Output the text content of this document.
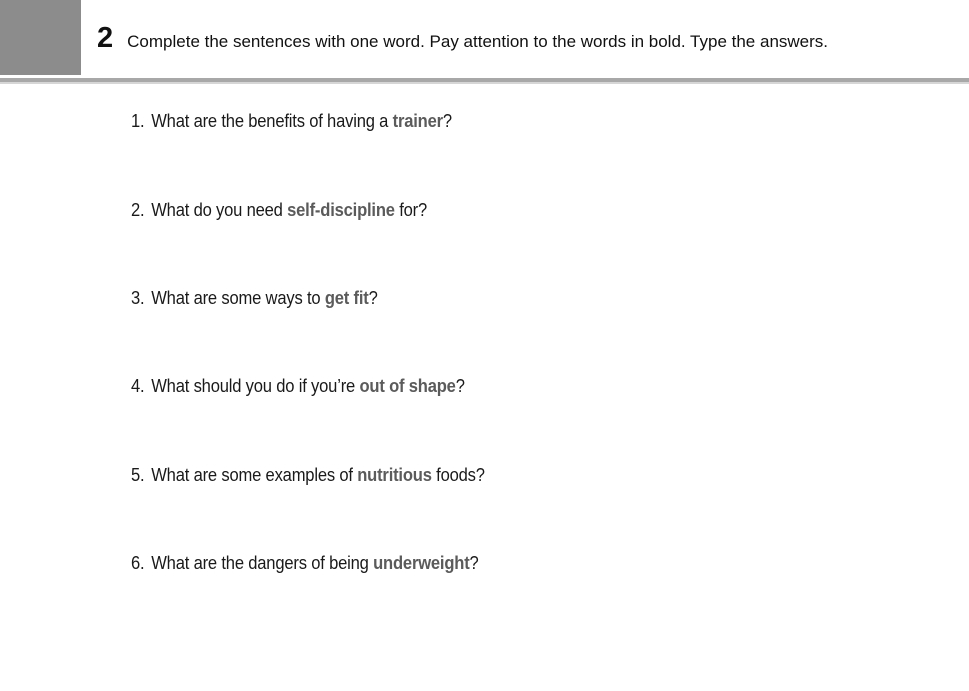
2 Complete the sentences with one word. Pay attention to the words in bold. Type the answers.
1. What are the benefits of having a trainer?
2. What do you need self-discipline for?
3. What are some ways to get fit?
4. What should you do if you’re out of shape?
5. What are some examples of nutritious foods?
6. What are the dangers of being underweight?
